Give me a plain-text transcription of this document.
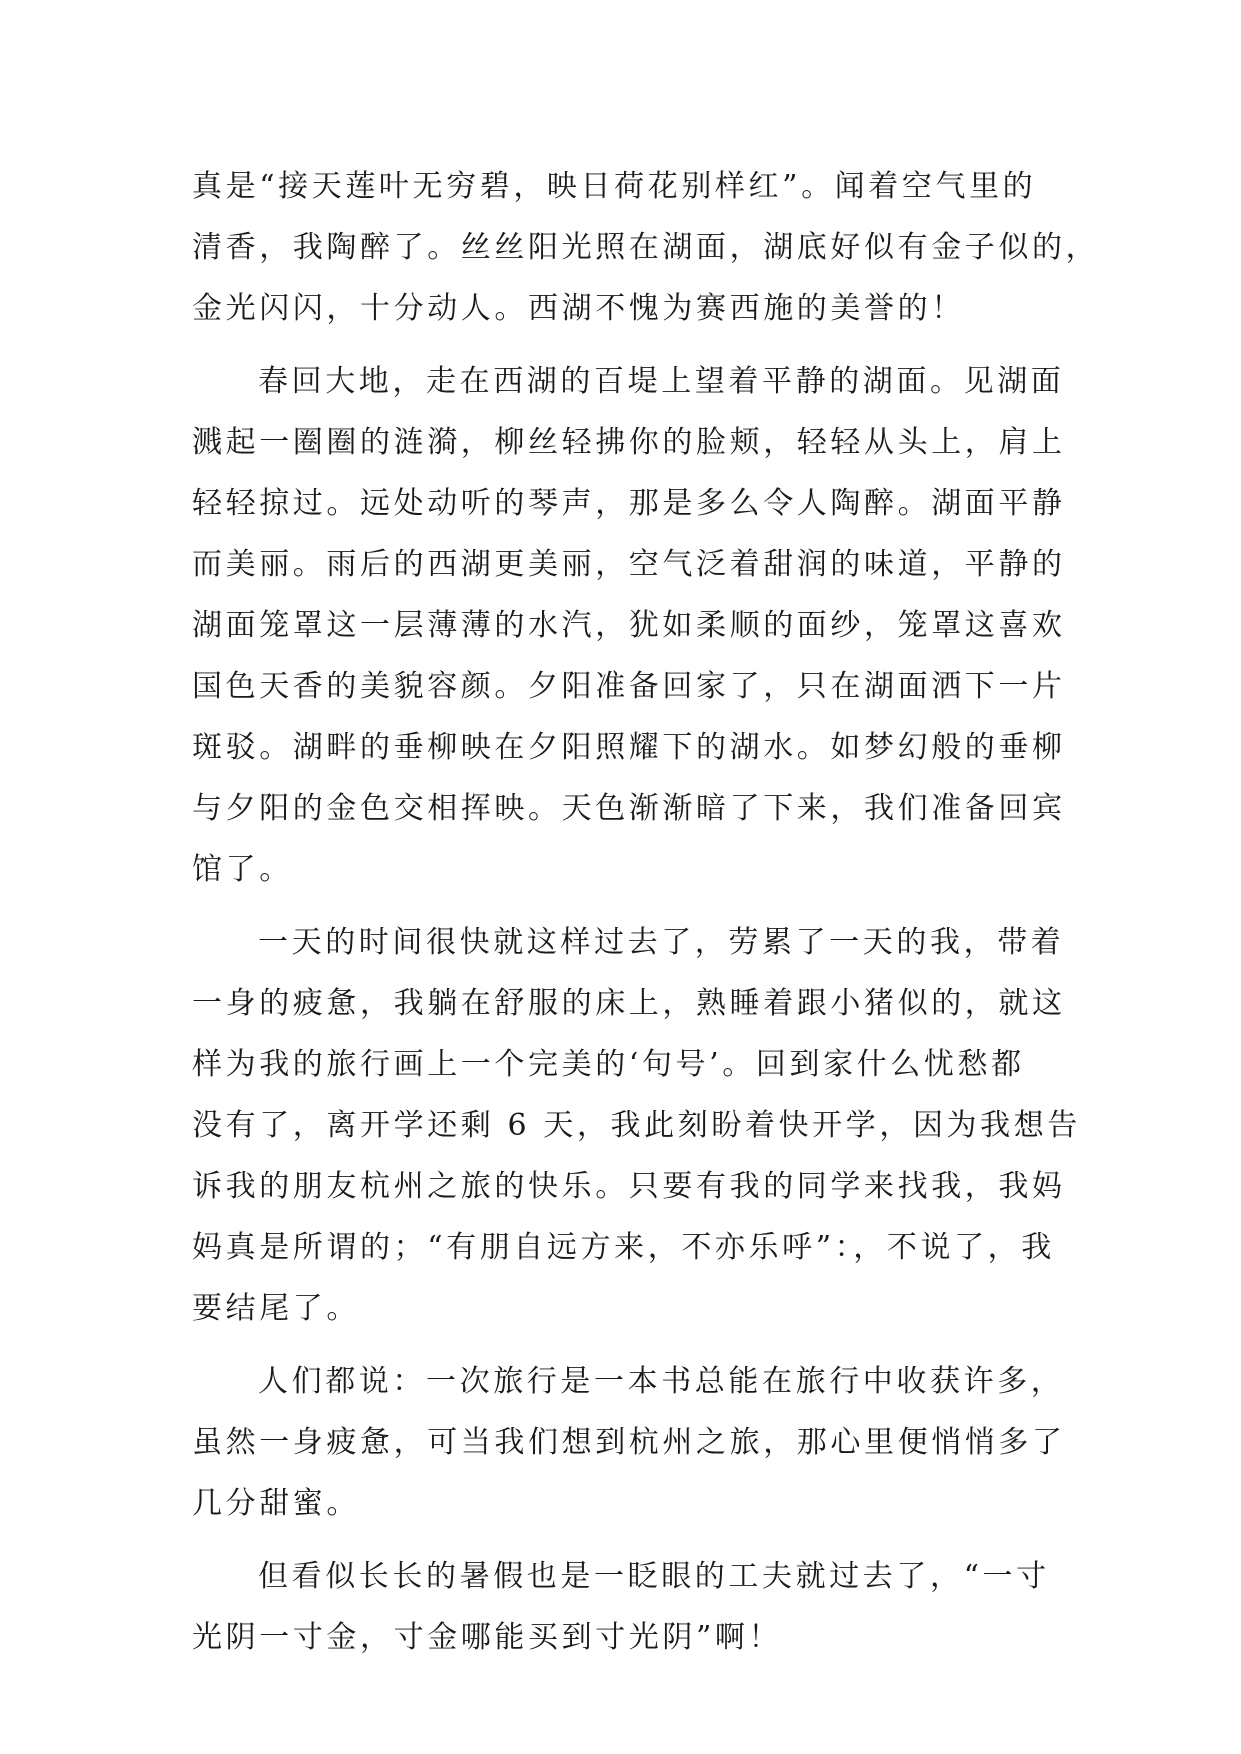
真是“接天莲叶无穷碧，映日荷花别样红”。闻着空气里的
清香，我陶醉了。丝丝阳光照在湖面，湖底好似有金子似的，
金光闪闪，十分动人。西湖不愧为赛西施的美誉的！
春回大地，走在西湖的百堤上望着平静的湖面。见湖面
溅起一圈圈的涟漪，柳丝轻拂你的脸颊，轻轻从头上，肩上
轻轻掠过。远处动听的琴声，那是多么令人陶醉。湖面平静
而美丽。雨后的西湖更美丽，空气泛着甜润的味道，平静的
湖面笼罩这一层薄薄的水汽，犹如柔顺的面纱，笼罩这喜欢
国色天香的美貌容颜。夕阳准备回家了，只在湖面洒下一片
斑驳。湖畔的垂柳映在夕阳照耀下的湖水。如梦幻般的垂柳
与夕阳的金色交相挥映。天色渐渐暗了下来，我们准备回宾
馆了。
一天的时间很快就这样过去了，劳累了一天的我，带着
一身的疲惫，我躺在舒服的床上，熟睡着跟小猪似的，就这
样为我的旅行画上一个完美的‘句号’。回到家什么忧愁都
没有了，离开学还剩 6 天，我此刻盼着快开学，因为我想告
诉我的朋友杭州之旅的快乐。只要有我的同学来找我，我妈
妈真是所谓的；“有朋自远方来，不亦乐呼”：，不说了，我
要结尾了。
人们都说：一次旅行是一本书总能在旅行中收获许多，
虽然一身疲惫，可当我们想到杭州之旅，那心里便悄悄多了
几分甜蜜。
但看似长长的暑假也是一眨眼的工夫就过去了，“一寸
光阴一寸金，寸金哪能买到寸光阴”啊！
